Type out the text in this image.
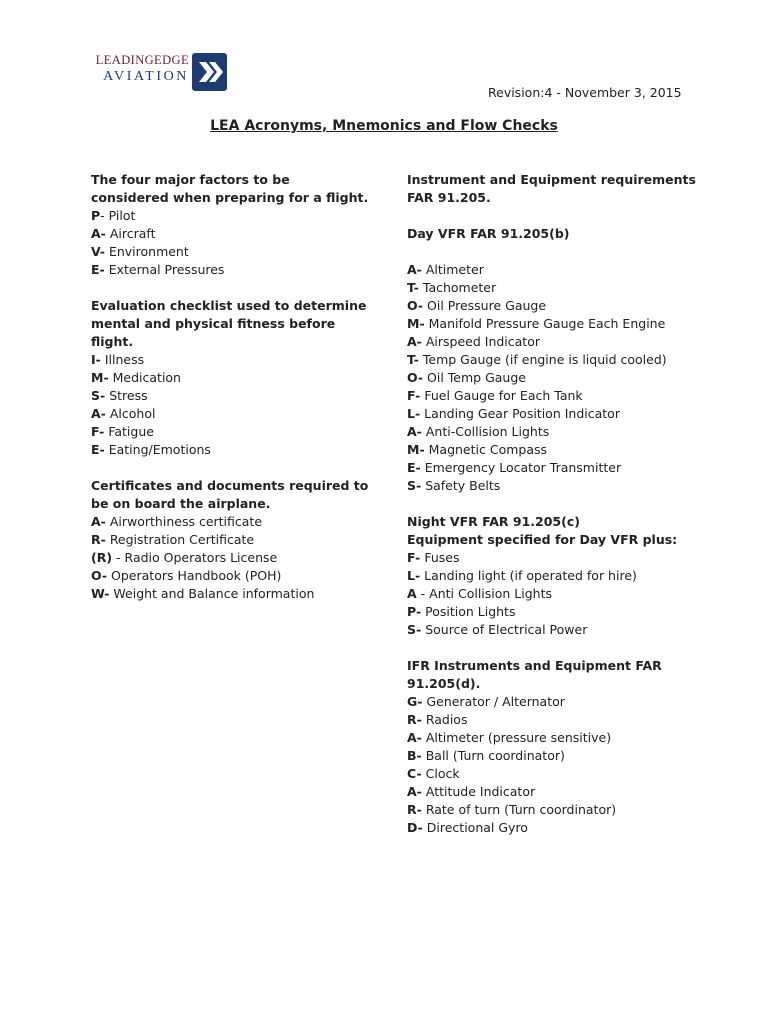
LEADINGEDGE
AVIATION
Revision:4 - November 3, 2015
LEA Acronyms, Mnemonics and Flow Checks
The four major factors to be considered when preparing for a flight.
P- Pilot
A- Aircraft
V- Environment
E- External Pressures
Evaluation checklist used to determine mental and physical fitness before flight.
I- Illness
M- Medication
S- Stress
A- Alcohol
F- Fatigue
E- Eating/Emotions
Certificates and documents required to be on board the airplane.
A- Airworthiness certificate
R- Registration Certificate
(R) - Radio Operators License
O- Operators Handbook (POH)
W- Weight and Balance information
Instrument and Equipment requirements FAR 91.205.
Day VFR FAR 91.205(b)
A- Altimeter
T- Tachometer
O- Oil Pressure Gauge
M- Manifold Pressure Gauge Each Engine
A- Airspeed Indicator
T- Temp Gauge (if engine is liquid cooled)
O- Oil Temp Gauge
F- Fuel Gauge for Each Tank
L- Landing Gear Position Indicator
A- Anti-Collision Lights
M- Magnetic Compass
E- Emergency Locator Transmitter
S- Safety Belts
Night VFR FAR 91.205(c)
Equipment specified for Day VFR plus:
F- Fuses
L- Landing light (if operated for hire)
A - Anti Collision Lights
P- Position Lights
S- Source of Electrical Power
IFR Instruments and Equipment FAR 91.205(d).
G- Generator / Alternator
R- Radios
A- Altimeter (pressure sensitive)
B- Ball (Turn coordinator)
C- Clock
A- Attitude Indicator
R- Rate of turn (Turn coordinator)
D- Directional Gyro
